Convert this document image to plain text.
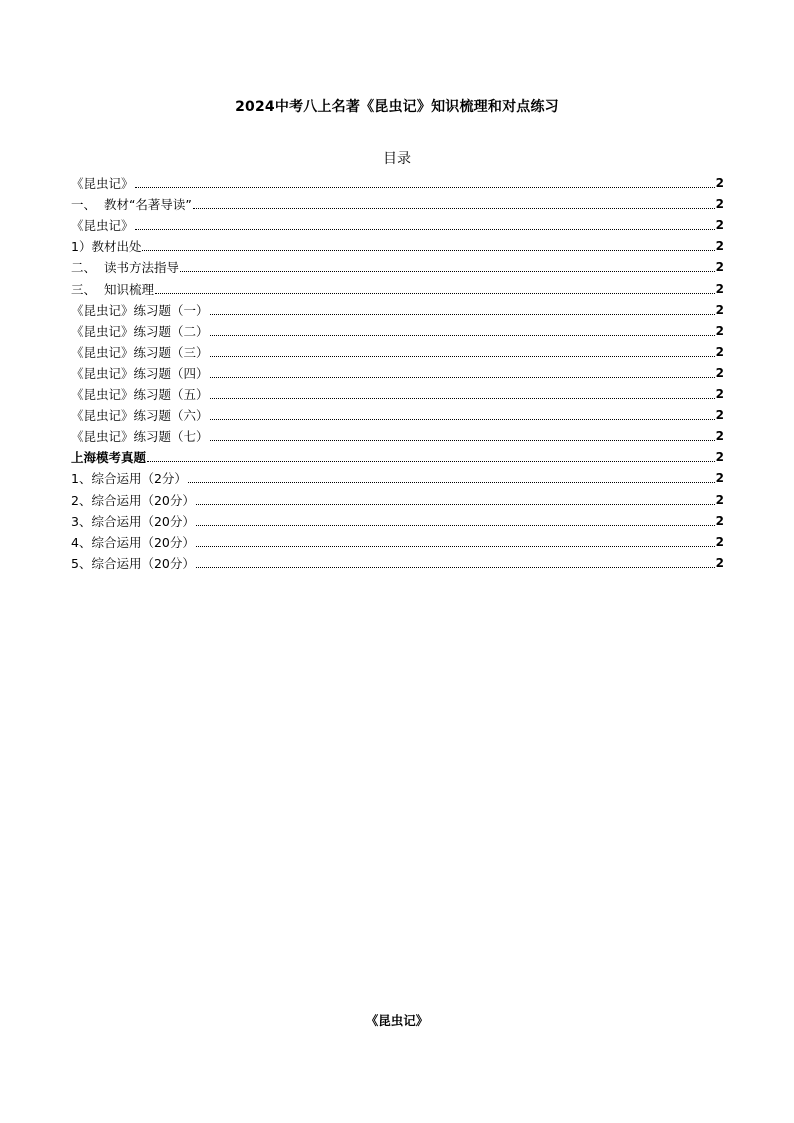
2024中考八上名著《昆虫记》知识梳理和对点练习
目录
《昆虫记》	2
一、  教材“名著导读”	2
《昆虫记》	2
1）教材出处	2
二、  读书方法指导	2
三、  知识梳理	2
《昆虫记》练习题（一）	2
《昆虫记》练习题（二）	2
《昆虫记》练习题（三）	2
《昆虫记》练习题（四）	2
《昆虫记》练习题（五）	2
《昆虫记》练习题（六）	2
《昆虫记》练习题（七）	2
上海模考真题	2
1、综合运用（2分）	2
2、综合运用（20分）	2
3、综合运用（20分）	2
4、综合运用（20分）	2
5、综合运用（20分）	2
《昆虫记》
